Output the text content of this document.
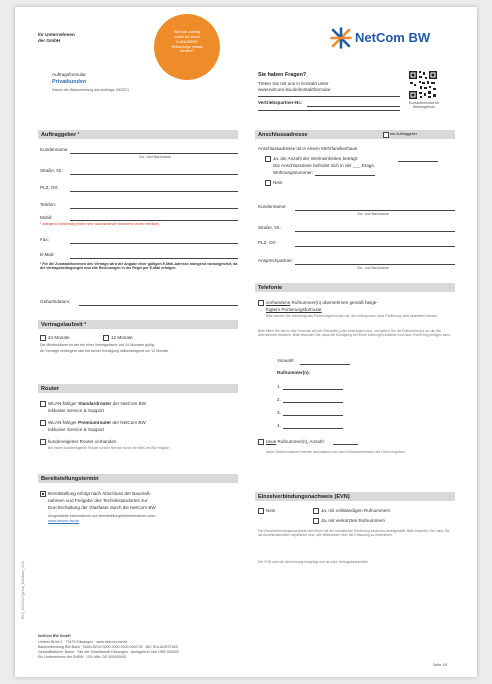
Ihr Unternehmen
der GmbH
Wird der Auftrag
vorher bei Ihnen
in ANDERER
Reihenfolge erfasst
werden?
NetCom BW
Auftragsformular
Privatkunden
Datum der Wahrnehmung des Auftrags: 06/2021
Sie haben Fragen?
Treten Sie mit uns in Kontakt unter
www.netcom-bw.de/kontaktformular
Vertriebspartner-Nr.:	Kontaktformular für Webangebote
Auftraggeber ¹
Kundenname:
Vor- und Nachname
Straße, Nr.:
PLZ, Ort:
Telefon:
Mobil:
¹ zwingend notwendig (nicht mehr ausreichende Nummern rechts erteilbar)
Fax:
E-Mail:
¹ Für die Zustandekommen des Vertrags wird die Angabe einer gültigen E-Mail-Adresse zwingend vorausgesetzt, da die Vertragsbedingungen und alle Rechnungen in der Regel per E-Mail erfolgen.
Geburtsdatum:
Vertragslaufzeit ²
24 Monate	12 Monate
Die Mindestdauer ist wie bei einer Vertragsdauer von 24 Monaten gültig.
Ab Verträge verlängern sich bei keiner Kündigung stillschweigend um 12 Monate.
Router
WLAN-fähiger Standardrouter der NetCom BW
inklusive Service & Support
WLAN-fähiger Premiumrouter der NetCom BW
inklusive Service & Support
kundeneigener Router vorhanden
Bei einem kundeneigenen Router ist kein Service durch die NetCom BW möglich
Bereitstellungstermin
Bereitstellung erfolgt nach Abschluss der Baumaß-
nahmen und Freigabe des Technikstandortes zur
Durchschaltung der Glasfaser durch die NetCom BW
Ausgewählte Informationen zur Bereitstellung/Inbetriebnahme unter
www.netcom-bw.de
Anschlussadresse	wie Auftraggeber
Anschlussadresse ist in einem Mehrfamilienhaus
Ja, die Anzahl der Wohneinheiten beträgt:
Die Anschlussdose befindet sich in der ___ Etage,
Wohnungsnummer:
Nein
Kundenname:
Vor- und Nachname
Straße, Nr.:
PLZ, Ort:
Ansprechpartner:
Vor- und Nachname
Telefonie
vorhandene Rufnummer(n) übernehmen gemäß beige-
fügtem Portierungsformular
Bitte senden Sie unbedingt das Portierungsformular mit, der Auftrag kann ohne Portierung nicht bearbeitet werden.
Bitte füllen Sie hierzu das Formular auf der Rückseite (oder Unterlagen) aus, und geben Sie die Rufnummer(n) an, die Sie übernehmen möchten. Bitte beachten Sie, dass die Kündigung bei Ihrem bisherigen Anbieter erst nach Portierung erfolgen kann.
Vorwahl:
Rufnummer(n):
1.
2.
3.
4.
neue Rufnummer(n), Anzahl:
Neue Telefonnummern werden automatisch aus dem Rufnummernblock des Ortes vergeben.
Einzelverbindungsnachweis (EVN)
Nein	Ja, mit vollständigen Rufnummern
Ja, mit verkürzten Rufnummern
Der Einzelverbindungsnachweis wird Ihnen mit der monatlichen Rechnung kostenlos bereitgestellt. Bitte beachten Sie, dass Sie als Anschlussinhaber verpflichtet sind, alle Mitbenutzer über die Erfassung zu informieren.
Der EVN wird der Abrechnung beigefügt und ist nicht Vertragsbestandteil.
PKS_20210617|privat_Glasfaser_2021
NetCom BW GmbH
Unterer Brühl 2 · 73479 Ellwangen · www.netcom-bw.de
Bankverbindung BW-Bank · IBAN DE00 0000 0000 0000 0000 00 · BIC SOLADEST600
Geschäftsführer Name · Sitz der Gesellschaft Ellwangen · Amtsgericht Ulm HRB 000000
Ein Unternehmen der EnBW · USt-IdNr. DE 000000000
Seite 1/5
